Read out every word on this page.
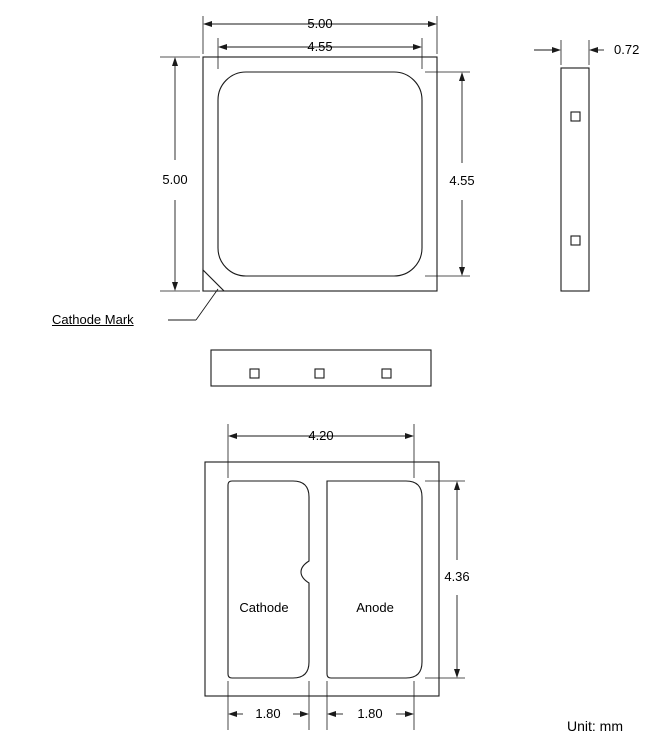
5.00
4.55
5.00	4.55
Cathode Mark
0.72
4.20
4.36
1.80	1.80
Cathode	Anode
Unit: mm
